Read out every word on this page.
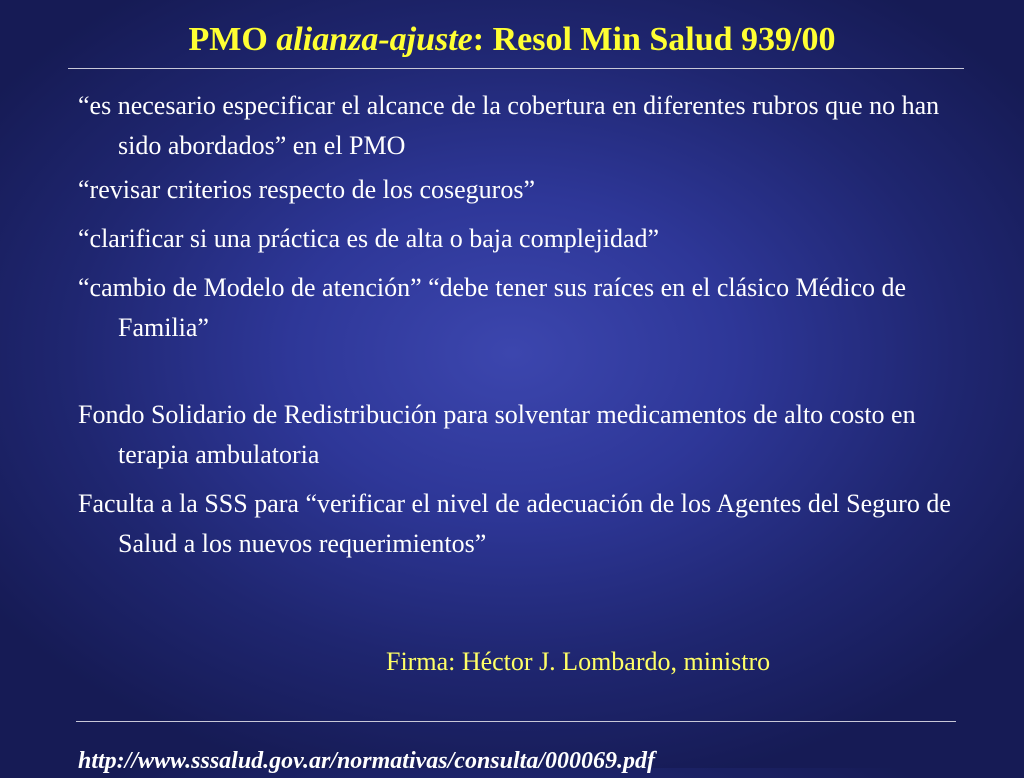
PMO alianza-ajuste: Resol Min Salud 939/00

“es necesario especificar el alcance de la cobertura en diferentes rubros que no han sido abordados” en el PMO

“revisar criterios respecto de los coseguros”

“clarificar si una práctica es de alta o baja complejidad”

“cambio de Modelo de atención” “debe tener sus raíces en el clásico Médico de Familia”

Fondo Solidario de Redistribución para solventar medicamentos de alto costo en terapia ambulatoria

Faculta a la SSS para “verificar el nivel de adecuación de los Agentes del Seguro de Salud a los nuevos requerimientos”

Firma: Héctor J. Lombardo, ministro

http://www.sssalud.gov.ar/normativas/consulta/000069.pdf
